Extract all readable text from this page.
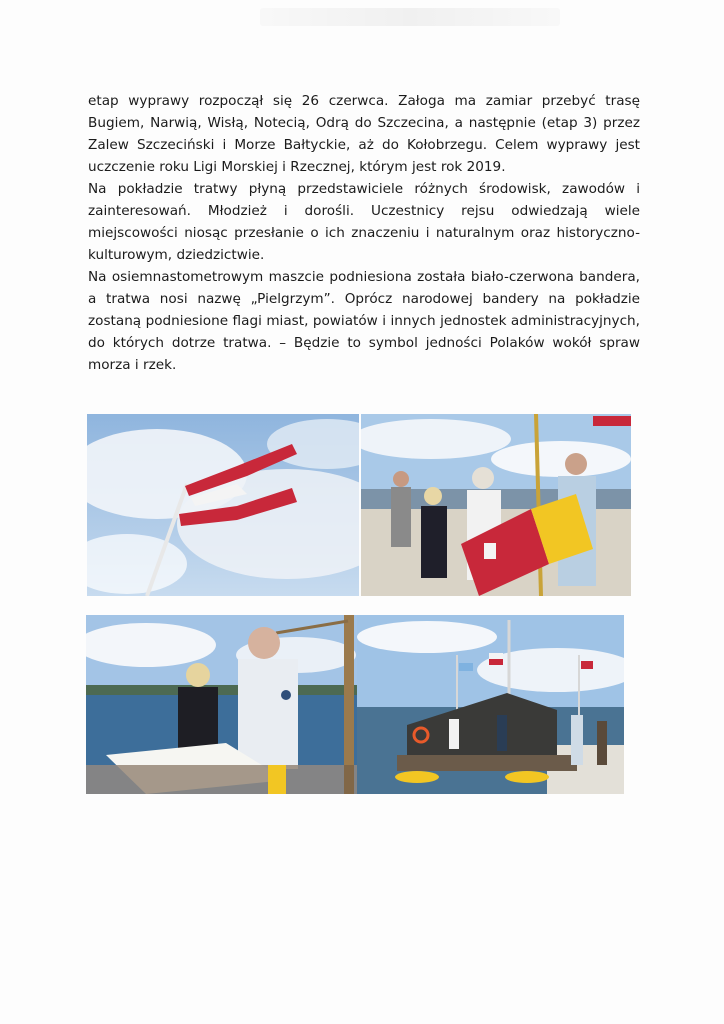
etap wyprawy rozpoczął się 26 czerwca. Załoga ma zamiar przebyć trasę Bugiem, Narwią, Wisłą, Notecią, Odrą do Szczecina, a następnie (etap 3) przez Zalew Szczeciński i Morze Bałtyckie, aż do Kołobrzegu. Celem wyprawy jest uczczenie roku Ligi Morskiej i Rzecznej, którym jest rok 2019.

Na pokładzie tratwy płyną przedstawiciele różnych środowisk, zawodów i zainteresowań. Młodzież i dorośli. Uczestnicy rejsu odwiedzają wiele miejscowości niosąc przesłanie o ich znaczeniu i naturalnym oraz historyczno-kulturowym, dziedzictwie.

Na osiemnastometrowym maszcie podniesiona została biało-czerwona bandera, a tratwa nosi nazwę „Pielgrzym”. Oprócz narodowej bandery na pokładzie zostaną podniesione flagi miast, powiatów i innych jednostek administracyjnych, do których dotrze tratwa. – Będzie to symbol jedności Polaków wokół spraw morza i rzek.
